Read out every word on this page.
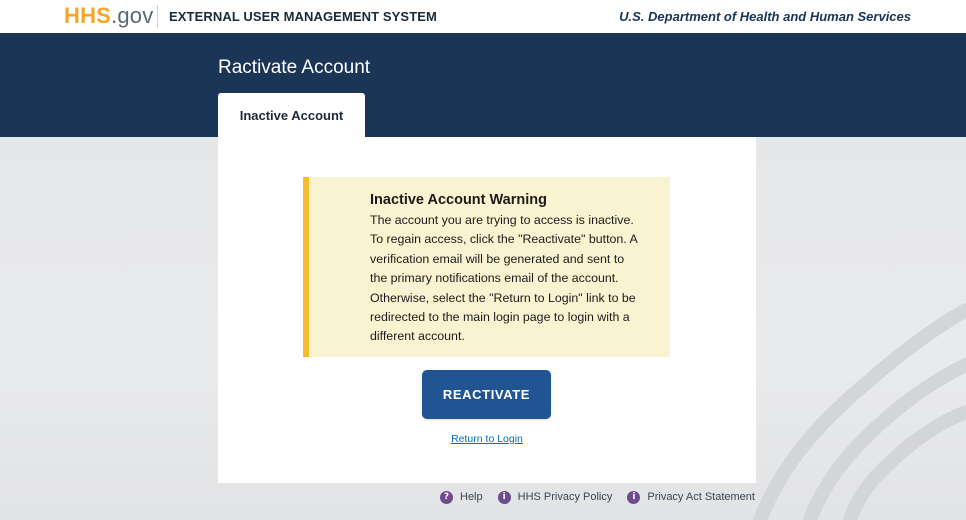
HHS.gov EXTERNAL USER MANAGEMENT SYSTEM	U.S. Department of Health and Human Services
Ractivate Account
Inactive Account
Inactive Account Warning
The account you are trying to access is inactive.
To regain access, click the "Reactivate" button. A
verification email will be generated and sent to
the primary notifications email of the account.
Otherwise, select the "Return to Login" link to be
redirected to the main login page to login with a
different account.
REACTIVATE
Return to Login
? Help	i	HHS Privacy Policy	i	Privacy Act Statement
